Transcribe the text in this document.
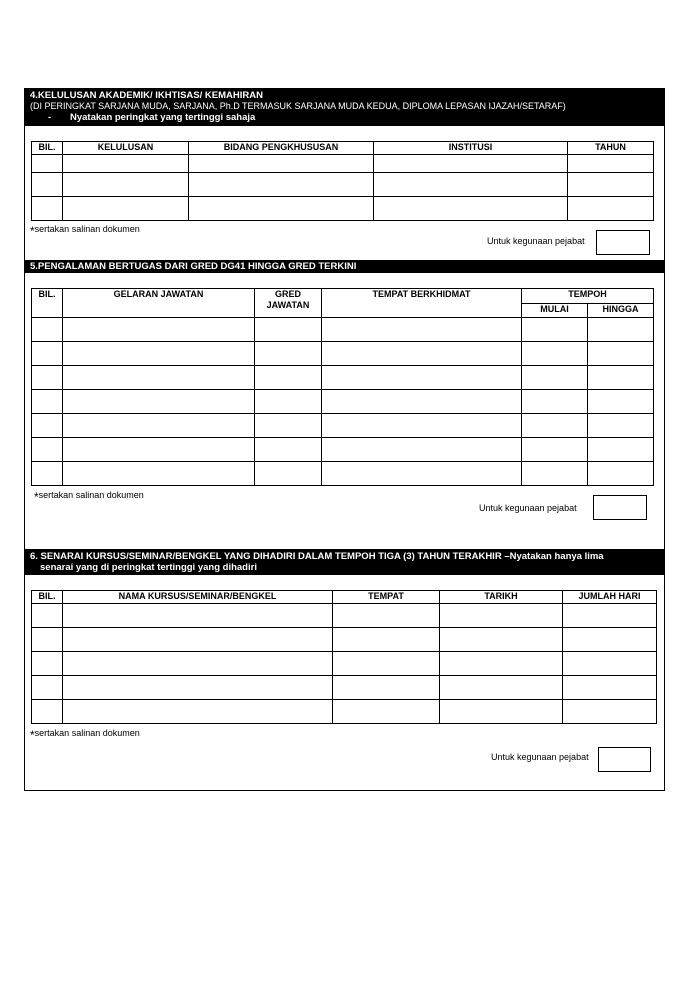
4.KELULUSAN AKADEMIK/ IKHTISAS/ KEMAHIRAN
(DI PERINGKAT SARJANA MUDA, SARJANA, Ph.D TERMASUK SARJANA MUDA KEDUA, DIPLOMA LEPASAN IJAZAH/SETARAF)
- Nyatakan peringkat yang tertinggi sahaja
BIL.	KELULUSAN	BIDANG PENGKHUSUSAN	INSTITUSI	TAHUN

*sertakan salinan dokumen
Untuk kegunaan pejabat
5.PENGALAMAN BERTUGAS DARI GRED DG41 HINGGA GRED TERKINI
BIL.	GELARAN JAWATAN	GRED JAWATAN	TEMPAT BERKHIDMAT	TEMPOH	
				MULAI	HINGGA

*sertakan salinan dokumen
Untuk kegunaan pejabat
6. SENARAI KURSUS/SEMINAR/BENGKEL YANG DIHADIRI DALAM TEMPOH TIGA (3) TAHUN TERAKHIR –Nyatakan hanya lima
senarai yang di peringkat tertinggi yang dihadiri
BIL.	NAMA KURSUS/SEMINAR/BENGKEL	TEMPAT	TARIKH	JUMLAH HARI

*sertakan salinan dokumen
Untuk kegunaan pejabat
